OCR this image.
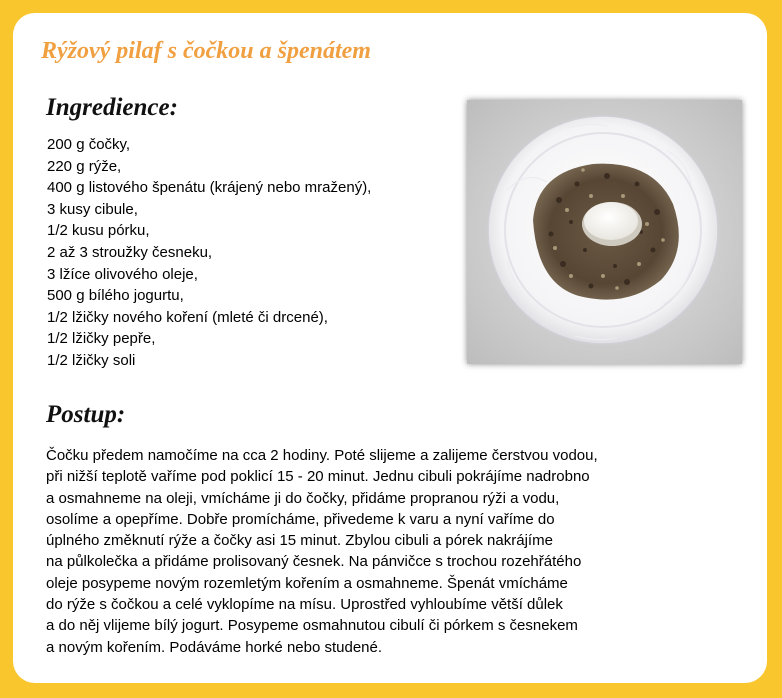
Rýžový pilaf s čočkou a špenátem
Ingredience:
200 g čočky,
220 g rýže,
400 g listového špenátu (krájený nebo mražený),
3 kusy cibule,
1/2 kusu pórku,
2 až 3 stroužky česneku,
3 lžíce olivového oleje,
500 g bílého jogurtu,
1/2 lžičky nového koření (mleté či drcené),
1/2 lžičky pepře,
1/2 lžičky soli
Postup:

Čočku předem namočíme na cca 2 hodiny. Poté slijeme a zalijeme čerstvou vodou,
při nižší teplotě vaříme pod poklicí 15 - 20 minut. Jednu cibuli pokrájíme nadrobno
a osmahneme na oleji, vmícháme ji do čočky, přidáme propranou rýži a vodu,
osolíme a opepříme. Dobře promícháme, přivedeme k varu a nyní vaříme do
úplného změknutí rýže a čočky asi 15 minut. Zbylou cibuli a pórek nakrájíme
na půlkolečka a přidáme prolisovaný česnek. Na pánvičce s trochou rozehřátého
oleje posypeme novým rozemletým kořením a osmahneme. Špenát vmícháme
do rýže s čočkou a celé vyklopíme na mísu. Uprostřed vyhloubíme větší důlek
a do něj vlijeme bílý jogurt. Posypeme osmahnutou cibulí či pórkem s česnekem
a novým kořením. Podáváme horké nebo studené.
